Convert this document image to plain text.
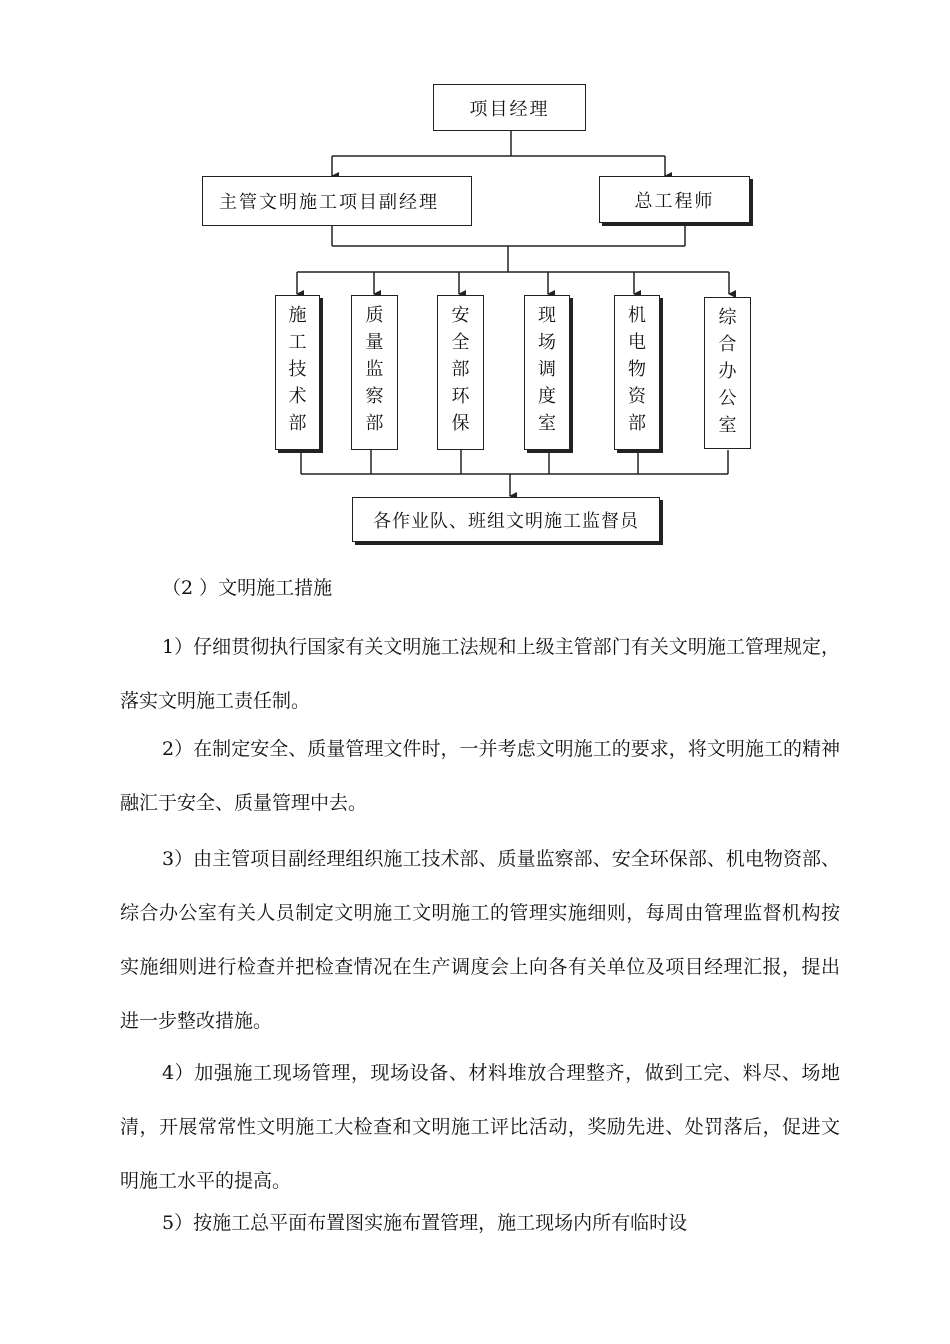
项目经理
主管文明施工项目副经理	总工程师
施
工
技
术
部
质
量
监
察
部
安
全
部
环
保
现
场
调
度
室
机
电
物
资
部
综
合
办
公
室
各作业队、班组文明施工监督员
（2 ）文明施工措施

1）仔细贯彻执行国家有关文明施工法规和上级主管部门有关文明施工管理规定，落实文明施工责任制。

2）在制定安全、质量管理文件时，一并考虑文明施工的要求，将文明施工的精神融汇于安全、质量管理中去。

3）由主管项目副经理组织施工技术部、质量监察部、安全环保部、机电物资部、综合办公室有关人员制定文明施工文明施工的管理实施细则，每周由管理监督机构按实施细则进行检查并把检查情况在生产调度会上向各有关单位及项目经理汇报，提出进一步整改措施。

4）加强施工现场管理，现场设备、材料堆放合理整齐，做到工完、料尽、场地清，开展常常性文明施工大检查和文明施工评比活动，奖励先进、处罚落后，促进文明施工水平的提高。

5）按施工总平面布置图实施布置管理，施工现场内所有临时设
